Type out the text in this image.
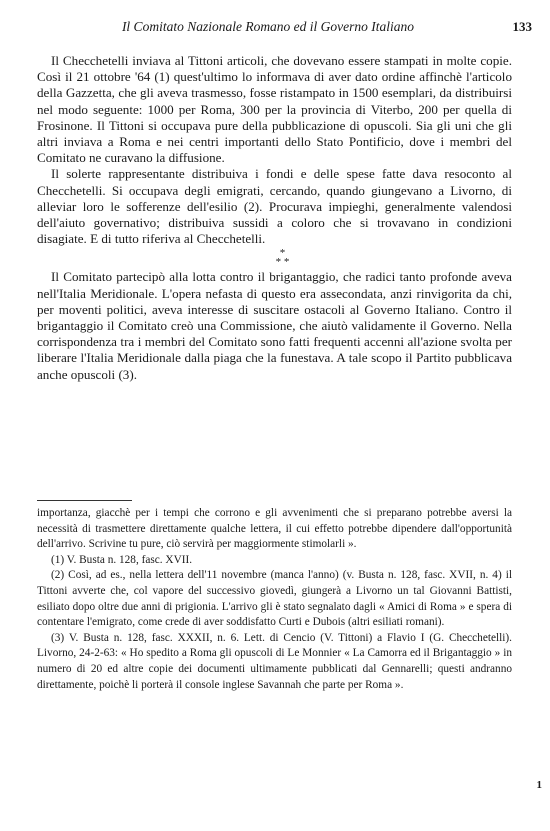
Il Comitato Nazionale Romano ed il Governo Italiano	133

Il Checchetelli inviava al Tittoni articoli, che dovevano essere stampati in molte copie. Così il 21 ottobre '64 (1) quest'ultimo lo informava di aver dato ordine affinchè l'articolo della Gazzetta, che gli aveva trasmesso, fosse ristampato in 1500 esemplari, da distribuirsi nel modo seguente: 1000 per Roma, 300 per la provincia di Viterbo, 200 per quella di Frosinone. Il Tittoni si occupava pure della pubblicazione di opuscoli. Sia gli uni che gli altri inviava a Roma e nei centri importanti dello Stato Pontificio, dove i membri del Comitato ne curavano la diffusione.

Il solerte rappresentante distribuiva i fondi e delle spese fatte dava resoconto al Checchetelli. Si occupava degli emigrati, cercando, quando giungevano a Livorno, di alleviar loro le sofferenze dell'esilio (2). Procurava impieghi, generalmente valendosi dell'aiuto governativo; distribuiva sussidi a coloro che si trovavano in condizioni disagiate. E di tutto riferiva al Checchetelli.

*
* *

Il Comitato partecipò alla lotta contro il brigantaggio, che radici tanto profonde aveva nell'Italia Meridionale. L'opera nefasta di questo era assecondata, anzi rinvigorita da chi, per moventi politici, aveva interesse di suscitare ostacoli al Governo Italiano. Contro il brigantaggio il Comitato creò una Commissione, che aiutò validamente il Governo. Nella corrispondenza tra i membri del Comitato sono fatti frequenti accenni all'azione svolta per liberare l'Italia Meridionale dalla piaga che la funestava. A tale scopo il Partito pubblicava anche opuscoli (3).

importanza, giacchè per i tempi che corrono e gli avvenimenti che si preparano potrebbe aversi la necessità di trasmettere direttamente qualche lettera, il cui effetto potrebbe dipendere dall'opportunità dell'arrivo. Scrivine tu pure, ciò servirà per maggiormente stimolarli ».

(1) V. Busta n. 128, fasc. XVII.

(2) Così, ad es., nella lettera dell'11 novembre (manca l'anno) (v. Busta n. 128, fasc. XVII, n. 4) il Tittoni avverte che, col vapore del successivo giovedì, giungerà a Livorno un tal Giovanni Battisti, esiliato dopo oltre due anni di prigionia. L'arrivo gli è stato segnalato dagli « Amici di Roma » e spera di contentare l'emigrato, come crede di aver soddisfatto Curti e Dubois (altri esiliati romani).

(3) V. Busta n. 128, fasc. XXXII, n. 6. Lett. di Cencio (V. Tittoni) a Flavio I (G. Checchetelli). Livorno, 24-2-63: « Ho spedito a Roma gli opuscoli di Le Monnier « La Camorra ed il Brigantaggio » in numero di 20 ed altre copie dei documenti ultimamente pubblicati dal Gennarelli; questi andranno direttamente, poichè li porterà il console inglese Savannah che parte per Roma ».

1
